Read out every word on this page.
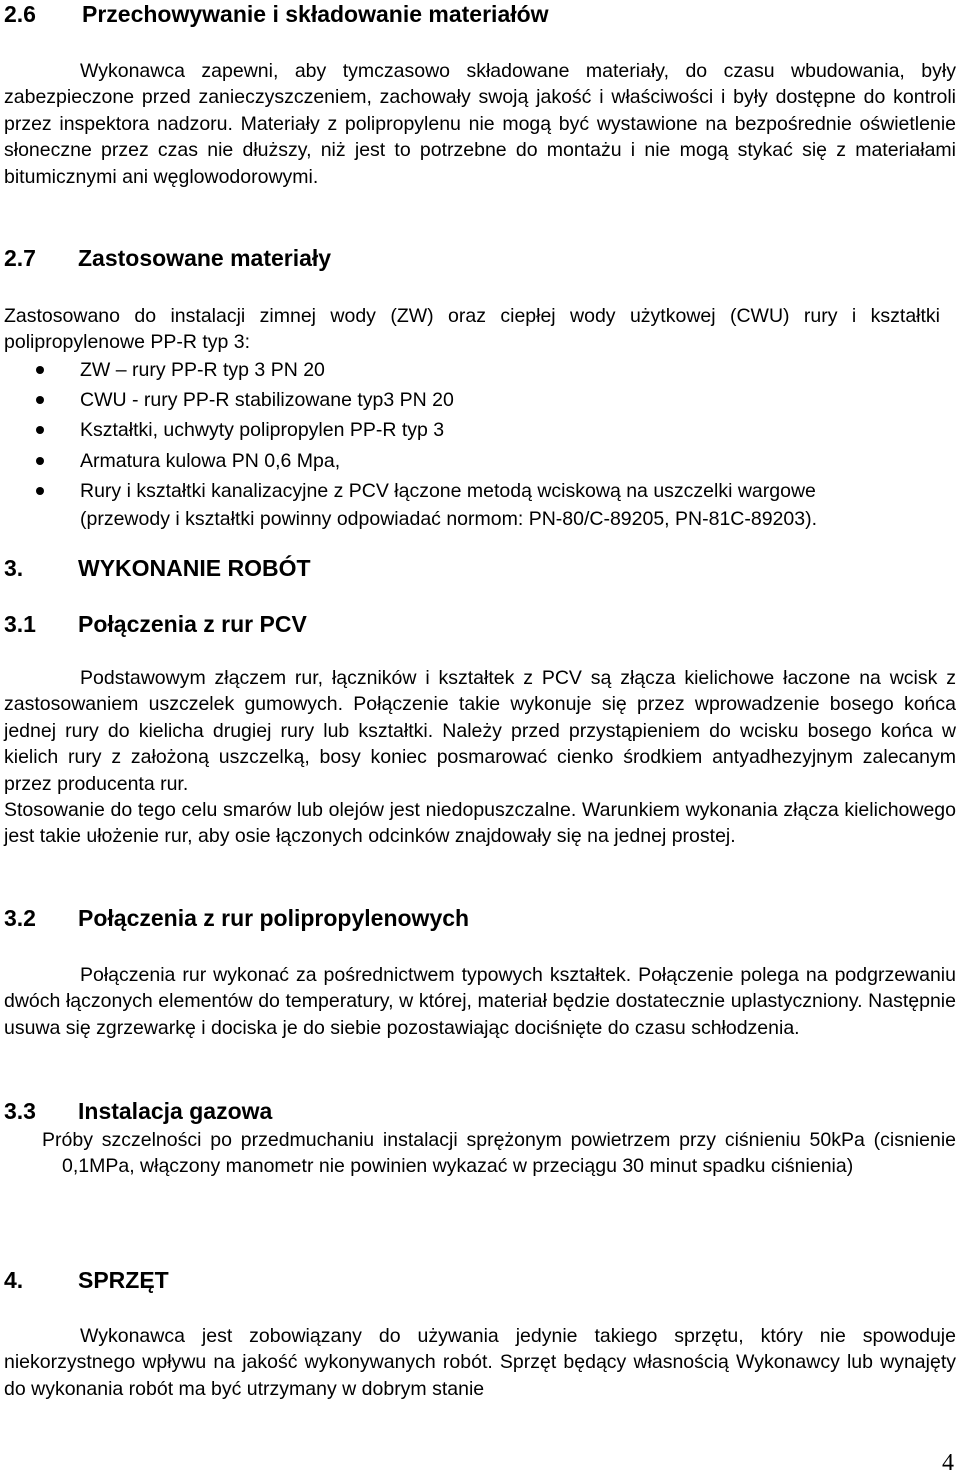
2.6 Przechowywanie i składowanie materiałów

Wykonawca zapewni, aby tymczasowo składowane materiały, do czasu wbudowania, były zabezpieczone przed zanieczyszczeniem, zachowały swoją jakość i właściwości i były dostępne do kontroli przez inspektora nadzoru. Materiały z polipropylenu nie mogą być wystawione na bezpośrednie oświetlenie słoneczne przez czas nie dłuższy, niż jest to potrzebne do montażu i nie mogą stykać się z materiałami bitumicznymi ani węglowodorowymi.

2.7 Zastosowane materiały

Zastosowano do instalacji zimnej wody (ZW) oraz ciepłej wody użytkowej (CWU) rury i kształtki polipropylenowe PP-R typ 3:

ZW – rury PP-R typ 3 PN 20
CWU - rury PP-R stabilizowane typ3 PN 20
Kształtki, uchwyty polipropylen PP-R typ 3
Armatura kulowa PN 0,6 Mpa,
Rury i kształtki kanalizacyjne z PCV łączone metodą wciskową na uszczelki wargowe
(przewody i kształtki powinny odpowiadać normom: PN-80/C-89205, PN-81C-89203).
3. WYKONANIE ROBÓT
3.1 Połączenia z rur PCV

Podstawowym złączem rur, łączników i kształtek z PCV są złącza kielichowe łaczone na wcisk z zastosowaniem uszczelek gumowych. Połączenie takie wykonuje się przez wprowadzenie bosego końca jednej rury do kielicha drugiej rury lub kształtki. Należy przed przystąpieniem do wcisku bosego końca w kielich rury z założoną uszczelką, bosy koniec posmarować cienko środkiem antyadhezyjnym zalecanym przez producenta rur.

Stosowanie do tego celu smarów lub olejów jest niedopuszczalne. Warunkiem wykonania złącza kielichowego jest takie ułożenie rur, aby osie łączonych odcinków znajdowały się na jednej prostej.

3.2 Połączenia z rur polipropylenowych

Połączenia rur wykonać za pośrednictwem typowych kształtek. Połączenie polega na podgrzewaniu dwóch łączonych elementów do temperatury, w której, materiał będzie dostatecznie uplastyczniony. Następnie usuwa się zgrzewarkę i dociska je do siebie pozostawiając dociśnięte do czasu schłodzenia.

3.3 Instalacja gazowa

Próby szczelności po przedmuchaniu instalacji sprężonym powietrzem przy ciśnieniu 50kPa (cisnienie 0,1MPa, włączony manometr nie powinien wykazać w przeciągu 30 minut spadku ciśnienia)

4. SPRZĘT

Wykonawca jest zobowiązany do używania jedynie takiego sprzętu, który nie spowoduje niekorzystnego wpływu na jakość wykonywanych robót. Sprzęt będący własnością Wykonawcy lub wynajęty do wykonania robót ma być utrzymany w dobrym stanie

4
